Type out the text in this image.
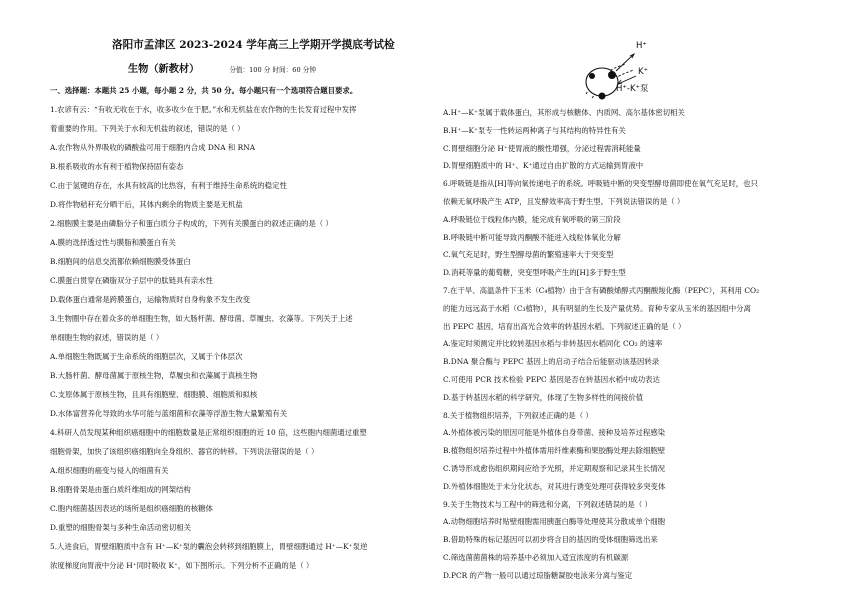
洛阳市孟津区 2023-2024 学年高三上学期开学摸底考试检
生物（新教材）	分值：100 分 时间：60 分钟
H⁺
K⁺
H⁺-K⁺泵
一、选择题：本题共 25 小题，每小题 2 分，共 50 分。每小题只有一个选项符合题目要求。
1.农谚有云：“有收无收在于水，收多收少在于肥。”水和无机盐在农作物的生长发育过程中发挥
着重要的作用。下列关于水和无机盐的叙述，错误的是（ ）
A.农作物从外界吸收的磷酸盐可用于细胞内合成 DNA 和 RNA
B.根系吸收的水有利于植物保持固有姿态
C.由于氢键的存在，水具有较高的比热容，有利于维持生命系统的稳定性
D.将作物秸秆充分晒干后，其体内剩余的物质主要是无机盐
2.细胞膜主要是由磷脂分子和蛋白质分子构成的，下列有关膜蛋白的叙述正确的是（ ）
A.膜的选择透过性与膜脂和膜蛋白有关
B.细胞间的信息交流都依赖细胞膜受体蛋白
C.膜蛋白贯穿在磷脂双分子层中的肽链具有亲水性
D.载体蛋白通常是跨膜蛋白，运输物质时自身构象不发生改变
3.生物圈中存在着众多的单细胞生物，如大肠杆菌、酵母菌、草履虫、衣藻等。下列关于上述
单细胞生物的叙述，错误的是（ ）
A.单细胞生物既属于生命系统的细胞层次，又属于个体层次
B.大肠杆菌、酵母菌属于原核生物，草履虫和衣藻属于真核生物
C.支原体属于原核生物，且具有细胞壁、细胞膜、细胞质和拟核
D.水体富营养化导致的水华可能与蓝细菌和衣藻等浮游生物大量繁殖有关
4.科研人员发现某种组织癌细胞中的细胞数量是正常组织细胞的近 10 倍，这些胞内细菌通过重塑
细胞骨架，加快了该组织癌细胞向全身组织、器官的转移。下列说法错误的是（ ）
A.组织细胞的癌变与侵入的细菌有关
B.细胞骨架是由蛋白质纤维组成的网架结构
C.胞内细菌基因表达的场所是组织癌细胞的核糖体
D.重塑的细胞骨架与多种生命活动密切相关
5.人进食后，胃壁细胞质中含有 H⁺—K⁺泵的囊泡会转移到细胞膜上，胃壁细胞通过 H⁺—K⁺泵逆
浓度梯度向胃液中分泌 H⁺同时吸收 K⁺，如下图所示。下列分析不正确的是（ ）
A.H⁺—K⁺泵属于载体蛋白，其形成与核糖体、内质网、高尔基体密切相关
B.H⁺—K⁺泵专一性转运两种离子与其结构的特异性有关
C.胃壁细胞分泌 H⁺使胃液的酸性增强，分泌过程需消耗能量
D.胃壁细胞质中的 H⁺、K⁺通过自由扩散的方式运输到胃液中
6.呼吸链是指从[H]等向氧传递电子的系统。呼吸链中断的突变型酵母菌即使在氧气充足时，也只
依赖无氧呼吸产生 ATP，且发酵效率高于野生型。下列说法错误的是（ ）
A.呼吸链位于线粒体内膜，能完成有氧呼吸的第三阶段
B.呼吸链中断可能导致丙酮酸不能进入线粒体氧化分解
C.氧气充足时，野生型酵母菌的繁殖速率大于突变型
D.消耗等量的葡萄糖，突变型呼吸产生的[H]多于野生型
7.在干旱、高温条件下玉米（C₄植物）由于含有磷酸烯醇式丙酮酸羧化酶（PEPC），其利用 CO₂
的能力远远高于水稻（C₃植物），具有明显的生长及产量优势。育种专家从玉米的基因组中分离
出 PEPC 基因，培育出高光合效率的转基因水稻。下列叙述正确的是（ ）
A.鉴定时须测定并比较转基因水稻与非转基因水稻同化 CO₂ 的速率
B.DNA 聚合酶与 PEPC 基因上的启动子结合后能驱动该基因转录
C.可使用 PCR 技术检验 PEPC 基因是否在转基因水稻中成功表达
D.基于转基因水稻的科学研究，体现了生物多样性的间接价值
8.关于植物组织培养，下列叙述正确的是（ ）
A.外植体被污染的原因可能是外植体自身带菌、接种及培养过程感染
B.植物组织培养过程中外植体需用纤维素酶和果胶酶处理去除细胞壁
C.诱导形成愈伤组织期间应给予光照，并定期观察和记录其生长情况
D.外植体细胞处于未分化状态，对其进行诱变处理可获得较多突变体
9.关于生物技术与工程中的筛选和分离，下列叙述错误的是（ ）
A.动物细胞培养时贴壁细胞需用胰蛋白酶等处理使其分散成单个细胞
B.借助特殊的标记基因可以初步将含目的基因的受体细胞筛选出来
C.筛选菌菌菌株的培养基中必须加入适宜浓度的有机碳源
D.PCR 的产物一般可以通过琼脂糖凝胶电泳来分离与鉴定
